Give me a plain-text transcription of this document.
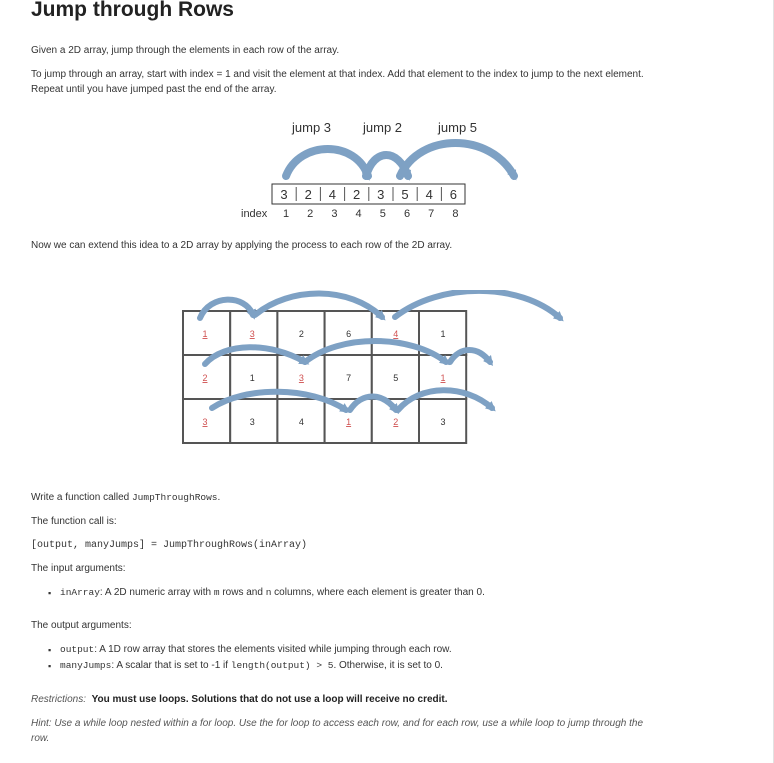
Jump through Rows

Given a 2D array, jump through the elements in each row of the array.

To jump through an array, start with index = 1 and visit the element at that index. Add that element to the index to jump to the next element.

Repeat until you have jumped past the end of the array.

jump 3 jump 2	jump 5
3 2 4 2 3 5 4 6
index 1 2 3 4 5 6 7 8

Now we can extend this idea to a 2D array by applying the process to each row of the 2D array.

1	3	2	6	4	1
2	1	3	7	5	1
3	3	4	1	2	3

Write a function called JumpThroughRows.

The function call is:

[output, manyJumps] = JumpThroughRows(inArray)

The input arguments:

▪ inArray: A 2D numeric array with m rows and n columns, where each element is greater than 0.

The output arguments:

▪ output: A 1D row array that stores the elements visited while jumping through each row.
▪ manyJumps: A scalar that is set to -1 if length(output) > 5. Otherwise, it is set to 0.

Restrictions: You must use loops. Solutions that do not use a loop will receive no credit.

Hint: Use a while loop nested within a for loop. Use the for loop to access each row, and for each row, use a while loop to jump through the

row.
